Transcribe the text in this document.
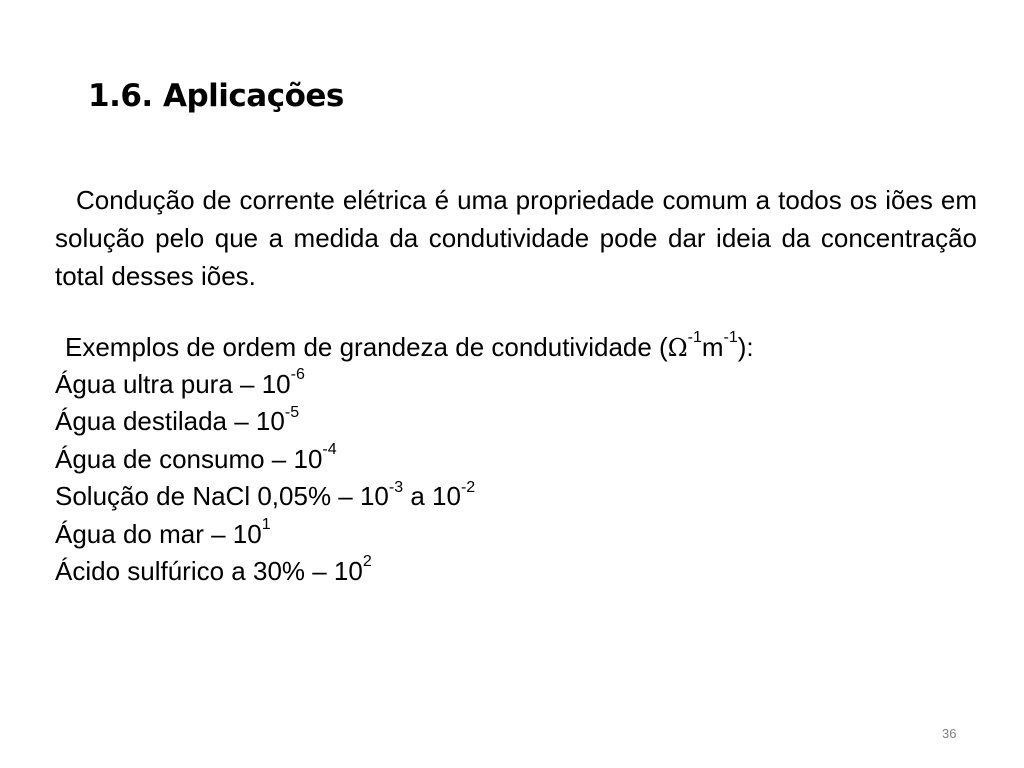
1.6. Aplicações

Condução de corrente elétrica é uma propriedade comum a todos os iões em solução pelo que a medida da condutividade pode dar ideia da concentração total desses iões.

Exemplos de ordem de grandeza de condutividade $(\Omega^{-1}m^{-1})$:

Água ultra pura – $10^{-6}$
Água destilada – $10^{-5}$
Água de consumo – $10^{-4}$
Solução de NaCl $0,05\% - 10^{-3}$ a $10^{-2}$
Água do mar – $10^1$
Ácido sulfúrico a $30\% - 10^2$
36
